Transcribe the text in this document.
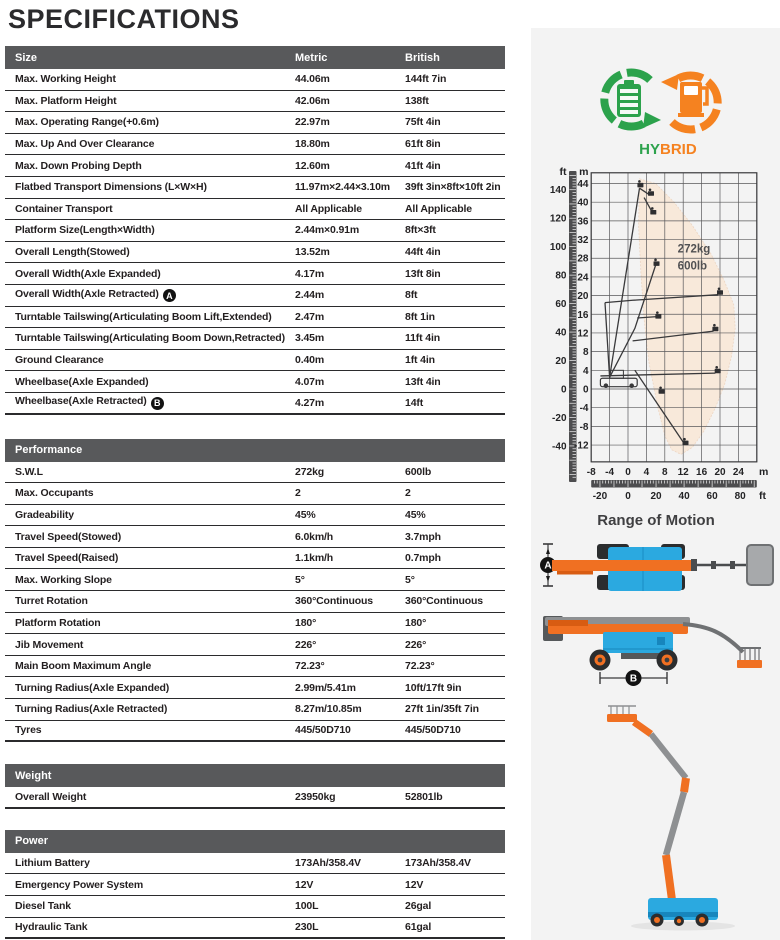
SPECIFICATIONS
Size	Metric	British
Max. Working Height	44.06m	144ft 7in
Max. Platform Height	42.06m	138ft
Max. Operating Range(+0.6m)	22.97m	75ft 4in
Max. Up And Over Clearance	18.80m	61ft 8in
Max. Down Probing Depth	12.60m	41ft 4in
Flatbed Transport Dimensions (L×W×H)	11.97m×2.44×3.10m	39ft 3in×8ft×10ft 2in
Container Transport	All Applicable	All Applicable
Platform Size(Length×Width)	2.44m×0.91m	8ft×3ft
Overall Length(Stowed)	13.52m	44ft 4in
Overall Width(Axle Expanded)	4.17m	13ft 8in
Overall Width(Axle Retracted) A	2.44m	8ft
Turntable Tailswing(Articulating Boom Lift,Extended)	2.47m	8ft 1in
Turntable Tailswing(Articulating Boom Down,Retracted) 3.45m	11ft 4in
Ground Clearance	0.40m	1ft 4in
Wheelbase(Axle Expanded)	4.07m	13ft 4in
Wheelbase(Axle Retracted) B	4.27m	14ft
Performance
S.W.L	272kg	600lb
Max. Occupants	2	2
Gradeability	45%	45%
Travel Speed(Stowed)	6.0km/h	3.7mph
Travel Speed(Raised)	1.1km/h	0.7mph
Max. Working Slope	5°	5°
Turret Rotation	360°Continuous	360°Continuous
Platform Rotation	180°	180°
Jib Movement	226°	226°
Main Boom Maximum Angle	72.23°	72.23°
Turning Radius(Axle Expanded)	2.99m/5.41m	10ft/17ft 9in
Turning Radius(Axle Retracted)	8.27m/10.85m	27ft 1in/35ft 7in
Tyres	445/50D710	445/50D710
Weight
Overall Weight	23950kg	52801lb
Power
Lithium Battery	173Ah/358.4V	173Ah/358.4V
Emergency Power System	12V	12V
Diesel Tank	100L	26gal
Hydraulic Tank	230L	61gal
HY BRID
140
120
100
80
60
40
20
0
-20
-40
ft
44
40
36
32
28
24
20
16
12
8
4
0
-4
-8
-12
m
272kg
600lb
-8 -4 0 4 8 12 16 20 24 m
-20 0 20 40 60 80 ft
Range of Motion
A
B
